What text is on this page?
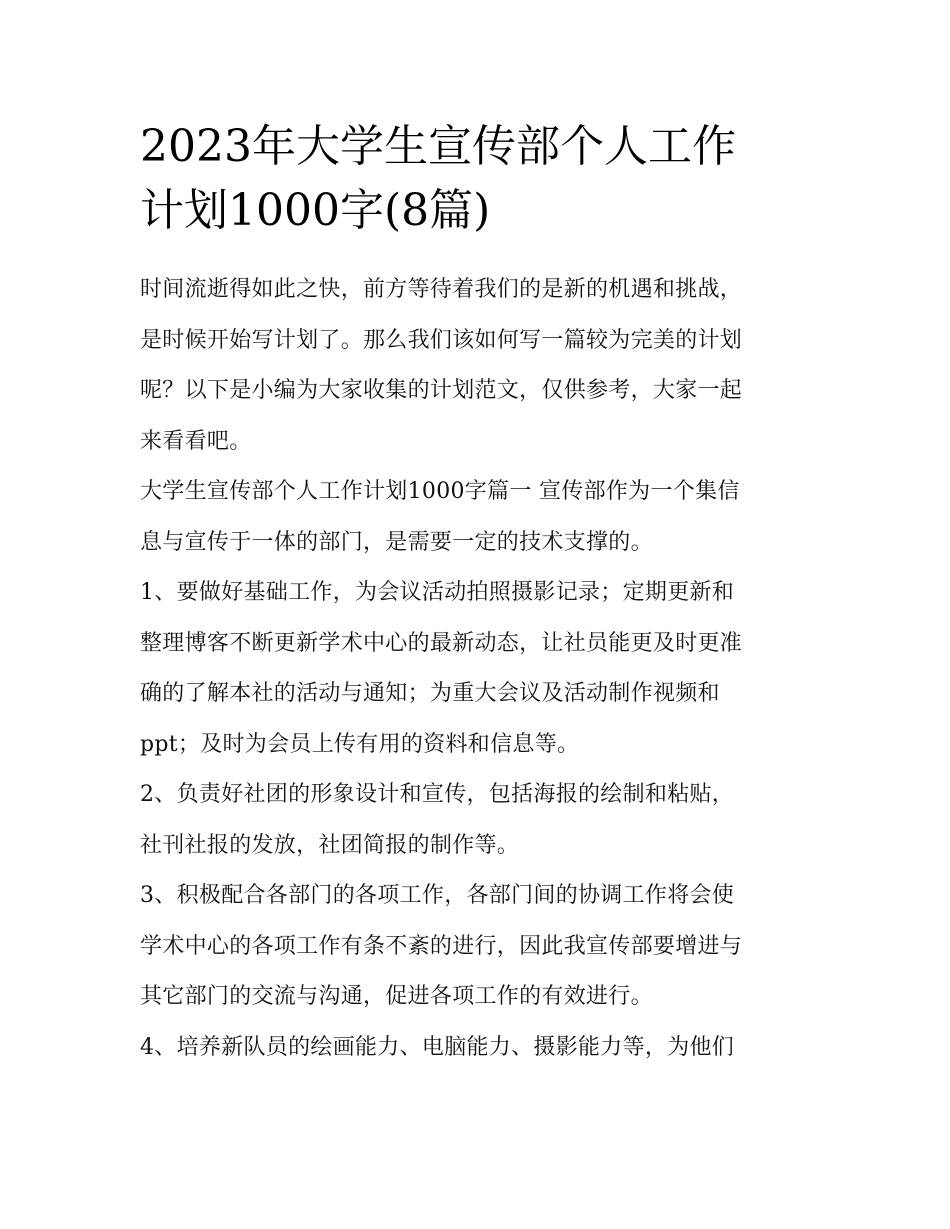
2023年大学生宣传部个人工作
计划1000字(8篇)

时间流逝得如此之快，前方等待着我们的是新的机遇和挑战，
是时候开始写计划了。那么我们该如何写一篇较为完美的计划
呢？以下是小编为大家收集的计划范文，仅供参考，大家一起
来看看吧。

大学生宣传部个人工作计划1000字篇一 宣传部作为一个集信
息与宣传于一体的部门，是需要一定的技术支撑的。

1、要做好基础工作，为会议活动拍照摄影记录；定期更新和
整理博客不断更新学术中心的最新动态，让社员能更及时更准
确的了解本社的活动与通知；为重大会议及活动制作视频和
ppt；及时为会员上传有用的资料和信息等。

2、负责好社团的形象设计和宣传，包括海报的绘制和粘贴，
社刊社报的发放，社团简报的制作等。

3、积极配合各部门的各项工作，各部门间的协调工作将会使
学术中心的各项工作有条不紊的进行，因此我宣传部要增进与
其它部门的交流与沟通，促进各项工作的有效进行。

4、培养新队员的绘画能力、电脑能力、摄影能力等，为他们
